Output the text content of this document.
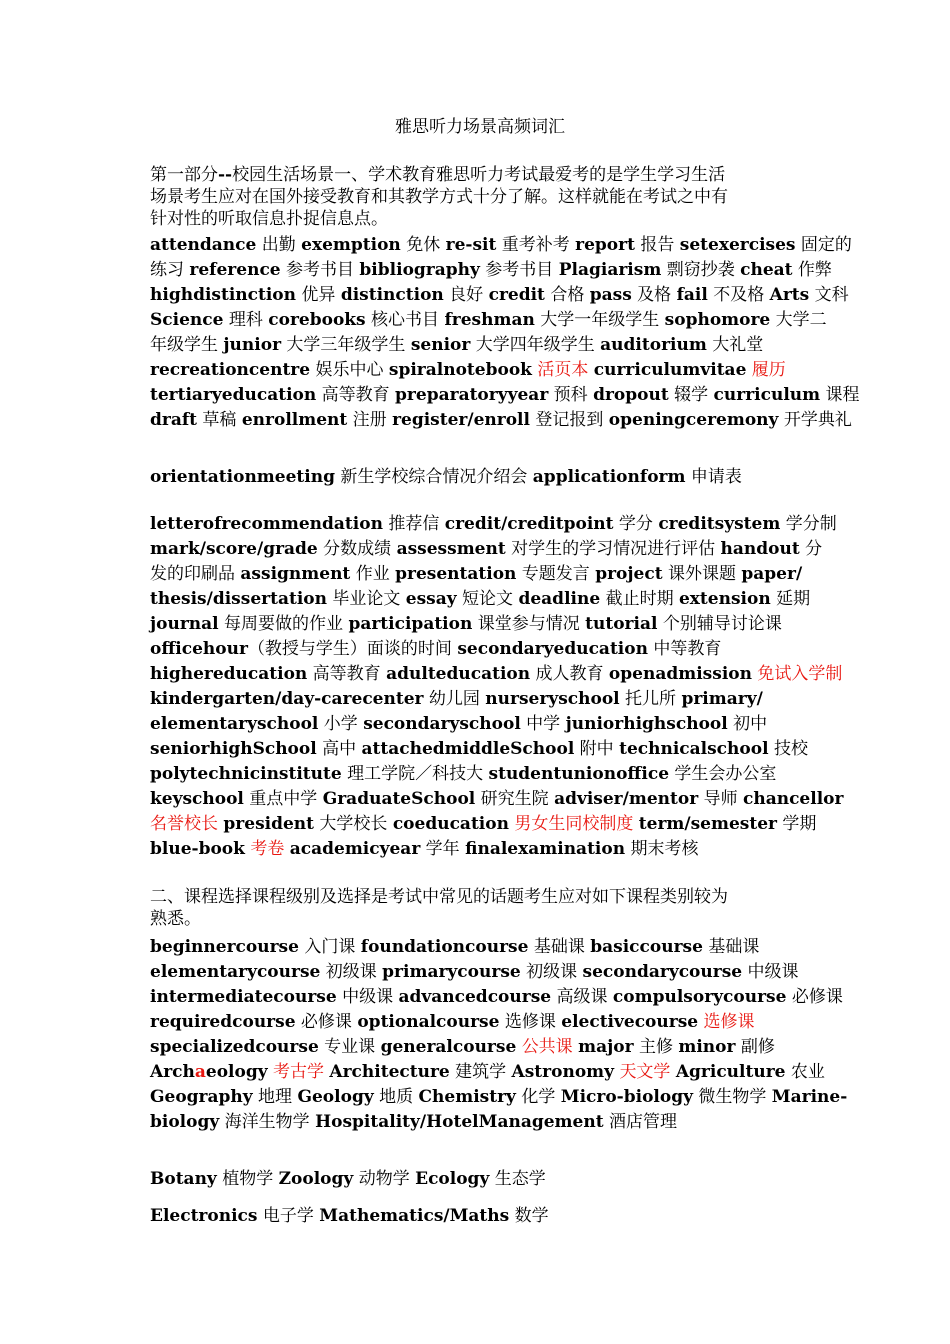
雅思听力场景高频词汇
第一部分--校园生活场景一、学术教育雅思听力考试最爱考的是学生学习生活
场景考生应对在国外接受教育和其教学方式十分了解。这样就能在考试之中有
针对性的听取信息扑捉信息点。
attendance 出勤 exemption 免休 re-sit 重考补考 report 报告 setexercises 固定的
练习 reference 参考书目 bibliography 参考书目 Plagiarism 剽窃抄袭 cheat 作弊
highdistinction 优异 distinction 良好 credit 合格 pass 及格 fail 不及格 Arts 文科
Science 理科 corebooks 核心书目 freshman 大学一年级学生 sophomore 大学二
年级学生 junior 大学三年级学生 senior 大学四年级学生 auditorium 大礼堂
recreationcentre 娱乐中心 spiralnotebook 活页本 curriculumvitae 履历
tertiaryeducation 高等教育 preparatoryyear 预科 dropout 辍学 curriculum 课程
draft 草稿 enrollment 注册 register/enroll 登记报到 openingceremony 开学典礼
orientationmeeting 新生学校综合情况介绍会 applicationform 申请表
letterofrecommendation 推荐信 credit/creditpoint 学分 creditsystem 学分制
mark/score/grade 分数成绩 assessment 对学生的学习情况进行评估 handout 分
发的印刷品 assignment 作业 presentation 专题发言 project 课外课题 paper/
thesis/dissertation 毕业论文 essay 短论文 deadline 截止时期 extension 延期
journal 每周要做的作业 participation 课堂参与情况 tutorial 个别辅导讨论课
officehour（教授与学生）面谈的时间 secondaryeducation 中等教育
highereducation 高等教育 adulteducation 成人教育 openadmission 免试入学制
kindergarten/day-carecenter 幼儿园 nurseryschool 托儿所 primary/
elementaryschool 小学 secondaryschool 中学 juniorhighschool 初中
seniorhighSchool 高中 attachedmiddleSchool 附中 technicalschool 技校
polytechnicinstitute 理工学院／科技大 studentunionoffice 学生会办公室
keyschool 重点中学 GraduateSchool 研究生院 adviser/mentor 导师 chancellor
名誉校长 president 大学校长 coeducation 男女生同校制度 term/semester 学期
blue-book 考卷 academicyear 学年 finalexamination 期末考核
二、课程选择课程级别及选择是考试中常见的话题考生应对如下课程类别较为
熟悉。
beginnercourse 入门课 foundationcourse 基础课 basiccourse 基础课
elementarycourse 初级课 primarycourse 初级课 secondarycourse 中级课
intermediatecourse 中级课 advancedcourse 高级课 compulsorycourse 必修课
requiredcourse 必修课 optionalcourse 选修课 electivecourse 选修课
specializedcourse 专业课 generalcourse 公共课 major 主修 minor 副修
Archaeology 考古学 Architecture 建筑学 Astronomy 天文学 Agriculture 农业
Geography 地理 Geology 地质 Chemistry 化学 Micro-biology 微生物学 Marine-
biology 海洋生物学 Hospitality/HotelManagement 酒店管理
Botany 植物学 Zoology 动物学 Ecology 生态学
Electronics 电子学 Mathematics/Maths 数学
